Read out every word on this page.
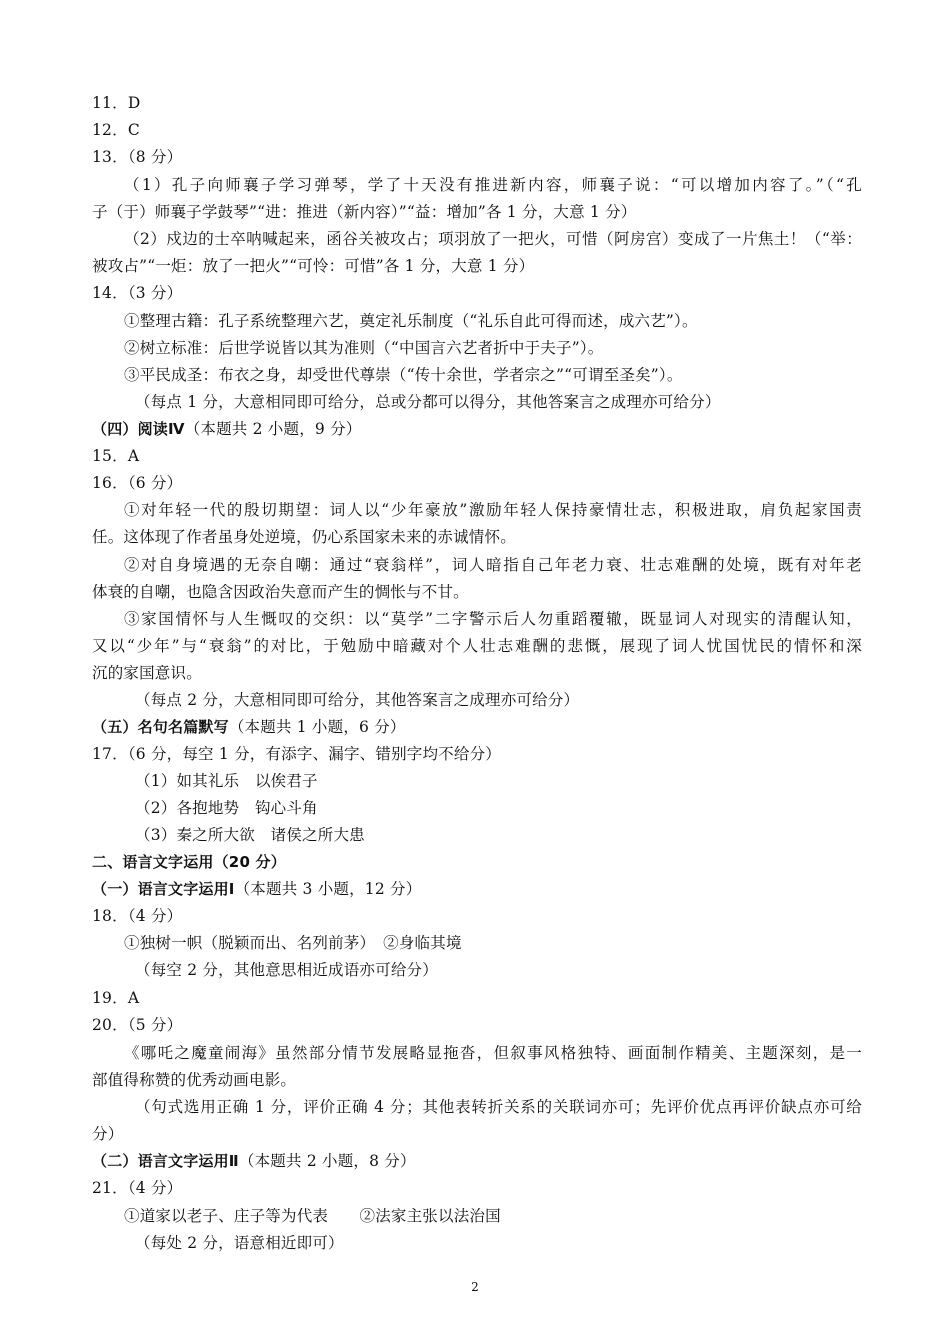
11．D
12．C
13．（8 分）
（1）孔子向师襄子学习弹琴，学了十天没有推进新内容，师襄子说：“可以增加内容了。”（“孔
子（于）师襄子学鼓琴”“进：推进（新内容）”“益：增加”各 1 分，大意 1 分）
（2）戍边的士卒呐喊起来，函谷关被攻占；项羽放了一把火，可惜（阿房宫）变成了一片焦土！（“举：
被攻占”“一炬：放了一把火”“可怜：可惜”各 1 分，大意 1 分）
14．（3 分）
①整理古籍：孔子系统整理六艺，奠定礼乐制度（“礼乐自此可得而述，成六艺”）。
②树立标准：后世学说皆以其为准则（“中国言六艺者折中于夫子”）。
③平民成圣：布衣之身，却受世代尊崇（“传十余世，学者宗之”“可谓至圣矣”）。
（每点 1 分，大意相同即可给分，总或分都可以得分，其他答案言之成理亦可给分）
（四）阅读Ⅳ（本题共 2 小题，9 分）
15．A
16．（6 分）
①对年轻一代的殷切期望：词人以“少年豪放”激励年轻人保持豪情壮志，积极进取，肩负起家国责
任。这体现了作者虽身处逆境，仍心系国家未来的赤诚情怀。
②对自身境遇的无奈自嘲：通过“衰翁样”，词人暗指自己年老力衰、壮志难酬的处境，既有对年老
体衰的自嘲，也隐含因政治失意而产生的惆怅与不甘。
③家国情怀与人生慨叹的交织：以“莫学”二字警示后人勿重蹈覆辙，既显词人对现实的清醒认知，
又以“少年”与“衰翁”的对比，于勉励中暗藏对个人壮志难酬的悲慨，展现了词人忧国忧民的情怀和深
沉的家国意识。
（每点 2 分，大意相同即可给分，其他答案言之成理亦可给分）
（五）名句名篇默写（本题共 1 小题，6 分）
17．（6 分，每空 1 分，有添字、漏字、错别字均不给分）
（1）如其礼乐　以俟君子
（2）各抱地势　钩心斗角
（3）秦之所大欲　诸侯之所大患
二、语言文字运用（20 分）
（一）语言文字运用Ⅰ（本题共 3 小题，12 分）
18．（4 分）
①独树一帜（脱颖而出、名列前茅）　②身临其境
（每空 2 分，其他意思相近成语亦可给分）
19．A
20．（5 分）
《哪吒之魔童闹海》虽然部分情节发展略显拖沓，但叙事风格独特、画面制作精美、主题深刻，是一
部值得称赞的优秀动画电影。
（句式选用正确 1 分，评价正确 4 分；其他表转折关系的关联词亦可；先评价优点再评价缺点亦可给
分）
（二）语言文字运用Ⅱ（本题共 2 小题，8 分）
21．（4 分）
①道家以老子、庄子等为代表　　②法家主张以法治国
（每处 2 分，语意相近即可）
2
